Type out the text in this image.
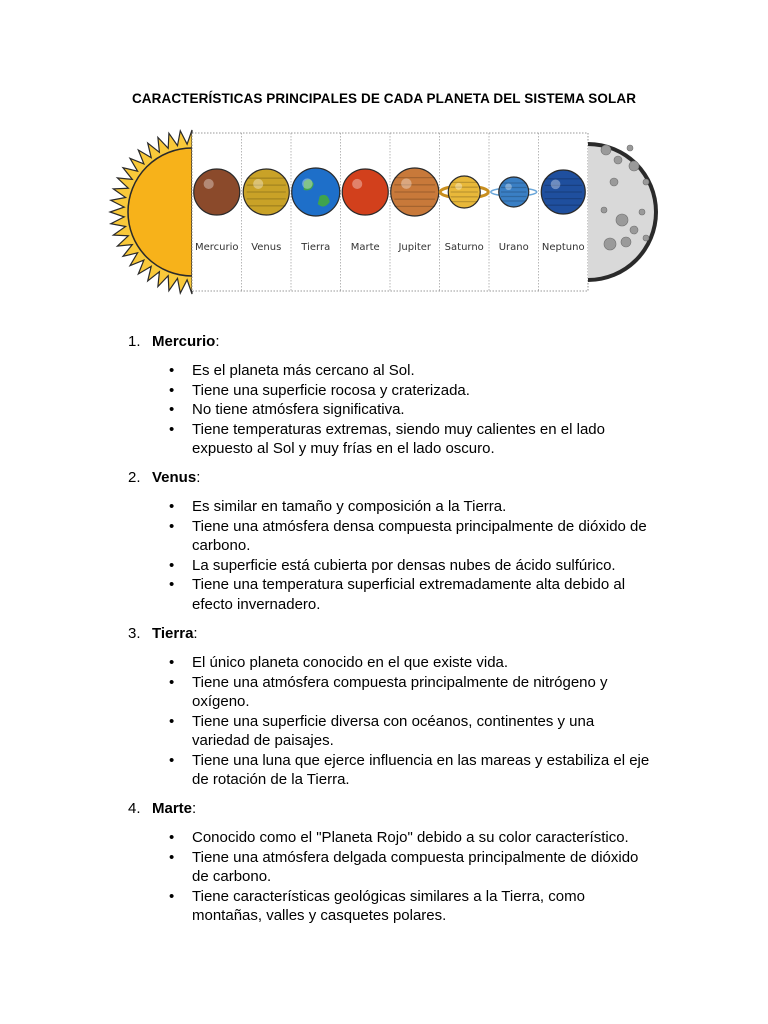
CARACTERÍSTICAS PRINCIPALES DE CADA PLANETA DEL SISTEMA SOLAR
Mercurio Venus Tierra Marte Jupiter Saturno Urano Neptuno
1. Mercurio:
• Es el planeta más cercano al Sol.
• Tiene una superficie rocosa y craterizada.
• No tiene atmósfera significativa.
• Tiene temperaturas extremas, siendo muy calientes en el lado expuesto al Sol y muy frías en el lado oscuro.
2. Venus:
• Es similar en tamaño y composición a la Tierra.
• Tiene una atmósfera densa compuesta principalmente de dióxido de carbono.
• La superficie está cubierta por densas nubes de ácido sulfúrico.
• Tiene una temperatura superficial extremadamente alta debido al efecto invernadero.
3. Tierra:
• El único planeta conocido en el que existe vida.
• Tiene una atmósfera compuesta principalmente de nitrógeno y oxígeno.
• Tiene una superficie diversa con océanos, continentes y una variedad de paisajes.
• Tiene una luna que ejerce influencia en las mareas y estabiliza el eje de rotación de la Tierra.
4. Marte:
• Conocido como el "Planeta Rojo" debido a su color característico.
• Tiene una atmósfera delgada compuesta principalmente de dióxido de carbono.
• Tiene características geológicas similares a la Tierra, como montañas, valles y casquetes polares.
